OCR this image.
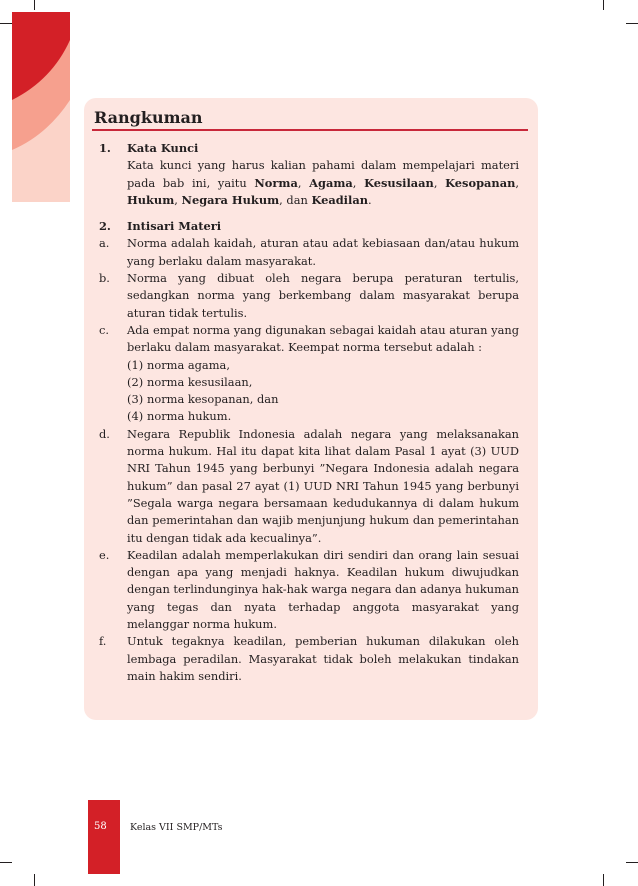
Rangkuman
1.	Kata Kunci
Kata kunci yang harus kalian pahami dalam mempelajari materi pada bab ini, yaitu Norma, Agama, Kesusilaan, Kesopanan, Hukum, Negara Hukum, dan Keadilan.
2.	Intisari Materi
a.	Norma adalah kaidah, aturan atau adat kebiasaan dan/atau hukum yang berlaku dalam masyarakat.
b.	Norma yang dibuat oleh negara berupa peraturan tertulis, sedangkan norma yang berkembang dalam masyarakat berupa aturan tidak tertulis.
c.	Ada empat norma yang digunakan sebagai kaidah atau aturan yang berlaku dalam masyarakat. Keempat norma tersebut adalah :
(1) norma agama,
(2) norma kesusilaan,
(3) norma kesopanan, dan
(4) norma hukum.
d.	Negara Republik Indonesia adalah negara yang melaksanakan norma hukum. Hal itu dapat kita lihat dalam Pasal 1 ayat (3) UUD NRI Tahun 1945 yang berbunyi ”Negara Indonesia adalah negara hukum” dan pasal 27 ayat (1) UUD NRI Tahun 1945 yang berbunyi ”Segala warga negara bersamaan kedudukannya di dalam hukum dan pemerintahan dan wajib menjunjung hukum dan pemerintahan itu dengan tidak ada kecualinya”.
e.	Keadilan adalah memperlakukan diri sendiri dan orang lain sesuai dengan apa yang menjadi haknya. Keadilan hukum diwujudkan dengan terlindunginya hak-hak warga negara dan adanya hukuman yang tegas dan nyata terhadap anggota masyarakat yang melanggar norma hukum.
f.	Untuk tegaknya keadilan, pemberian hukuman dilakukan oleh lembaga peradilan. Masyarakat tidak boleh melakukan tindakan main hakim sendiri.
58 Kelas VII SMP/MTs
